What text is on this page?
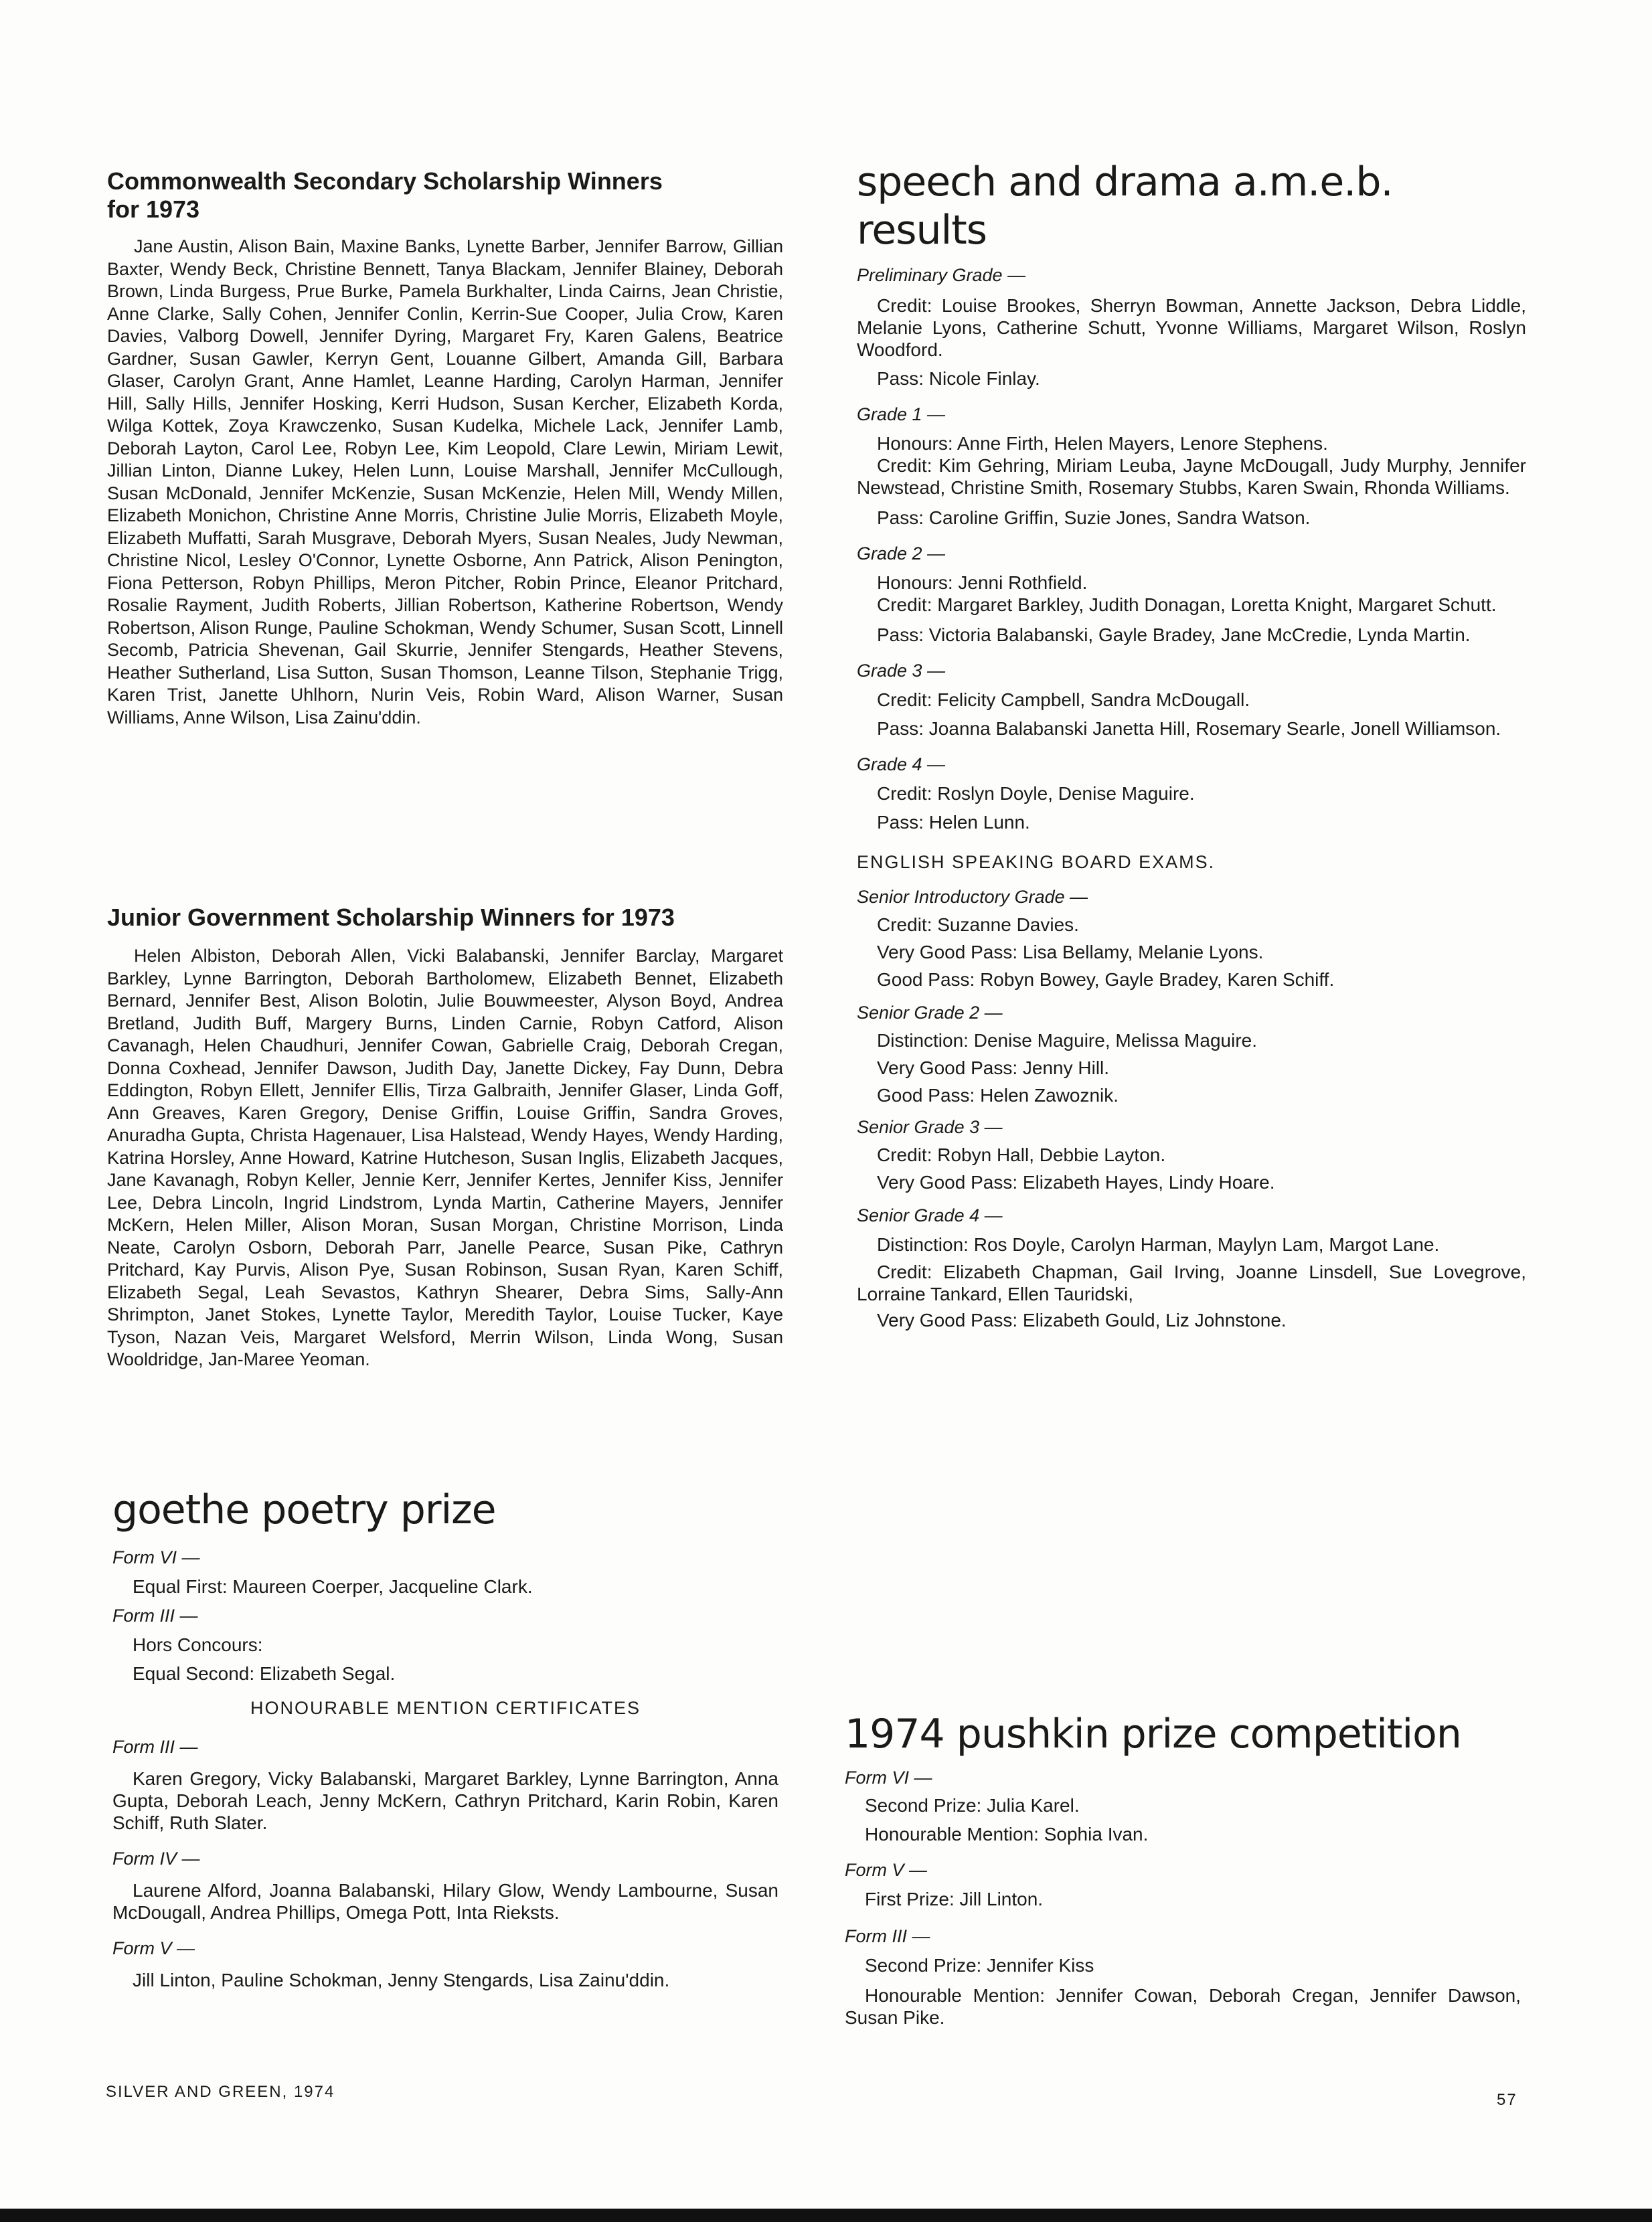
Commonwealth Secondary Scholarship Winners for 1973

Jane Austin, Alison Bain, Maxine Banks, Lynette Barber, Jennifer Barrow, Gillian Baxter, Wendy Beck, Christine Bennett, Tanya Blackam, Jennifer Blainey, Deborah Brown, Linda Burgess, Prue Burke, Pamela Burkhalter, Linda Cairns, Jean Christie, Anne Clarke, Sally Cohen, Jennifer Conlin, Kerrin-Sue Cooper, Julia Crow, Karen Davies, Valborg Dowell, Jennifer Dyring, Margaret Fry, Karen Galens, Beatrice Gardner, Susan Gawler, Kerryn Gent, Louanne Gilbert, Amanda Gill, Barbara Glaser, Carolyn Grant, Anne Hamlet, Leanne Harding, Carolyn Harman, Jennifer Hill, Sally Hills, Jennifer Hosking, Kerri Hudson, Susan Kercher, Elizabeth Korda, Wilga Kottek, Zoya Krawczenko, Susan Kudelka, Michele Lack, Jennifer Lamb, Deborah Layton, Carol Lee, Robyn Lee, Kim Leopold, Clare Lewin, Miriam Lewit, Jillian Linton, Dianne Lukey, Helen Lunn, Louise Marshall, Jennifer McCullough, Susan McDonald, Jennifer McKenzie, Susan McKenzie, Helen Mill, Wendy Millen, Elizabeth Monichon, Christine Anne Morris, Christine Julie Morris, Elizabeth Moyle, Elizabeth Muffatti, Sarah Musgrave, Deborah Myers, Susan Neales, Judy Newman, Christine Nicol, Lesley O'Connor, Lynette Osborne, Ann Patrick, Alison Penington, Fiona Petterson, Robyn Phillips, Meron Pitcher, Robin Prince, Eleanor Pritchard, Rosalie Rayment, Judith Roberts, Jillian Robertson, Katherine Robertson, Wendy Robertson, Alison Runge, Pauline Schokman, Wendy Schumer, Susan Scott, Linnell Secomb, Patricia Shevenan, Gail Skurrie, Jennifer Stengards, Heather Stevens, Heather Sutherland, Lisa Sutton, Susan Thomson, Leanne Tilson, Stephanie Trigg, Karen Trist, Janette Uhlhorn, Nurin Veis, Robin Ward, Alison Warner, Susan Williams, Anne Wilson, Lisa Zainu'ddin.

Junior Government Scholarship Winners for 1973

Helen Albiston, Deborah Allen, Vicki Balabanski, Jennifer Barclay, Margaret Barkley, Lynne Barrington, Deborah Bartholomew, Elizabeth Bennet, Elizabeth Bernard, Jennifer Best, Alison Bolotin, Julie Bouwmeester, Alyson Boyd, Andrea Bretland, Judith Buff, Margery Burns, Linden Carnie, Robyn Catford, Alison Cavanagh, Helen Chaudhuri, Jennifer Cowan, Gabrielle Craig, Deborah Cregan, Donna Coxhead, Jennifer Dawson, Judith Day, Janette Dickey, Fay Dunn, Debra Eddington, Robyn Ellett, Jennifer Ellis, Tirza Galbraith, Jennifer Glaser, Linda Goff, Ann Greaves, Karen Gregory, Denise Griffin, Louise Griffin, Sandra Groves, Anuradha Gupta, Christa Hagenauer, Lisa Halstead, Wendy Hayes, Wendy Harding, Katrina Horsley, Anne Howard, Katrine Hutcheson, Susan Inglis, Elizabeth Jacques, Jane Kavanagh, Robyn Keller, Jennie Kerr, Jennifer Kertes, Jennifer Kiss, Jennifer Lee, Debra Lincoln, Ingrid Lindstrom, Lynda Martin, Catherine Mayers, Jennifer McKern, Helen Miller, Alison Moran, Susan Morgan, Christine Morrison, Linda Neate, Carolyn Osborn, Deborah Parr, Janelle Pearce, Susan Pike, Cathryn Pritchard, Kay Purvis, Alison Pye, Susan Robinson, Susan Ryan, Karen Schiff, Elizabeth Segal, Leah Sevastos, Kathryn Shearer, Debra Sims, Sally-Ann Shrimpton, Janet Stokes, Lynette Taylor, Meredith Taylor, Louise Tucker, Kaye Tyson, Nazan Veis, Margaret Welsford, Merrin Wilson, Linda Wong, Susan Wooldridge, Jan-Maree Yeoman.

goethe poetry prize

Form VI —

Equal First: Maureen Coerper, Jacqueline Clark.

Form III —

Hors Concours:

Equal Second: Elizabeth Segal.

HONOURABLE MENTION CERTIFICATES

Form III —

Karen Gregory, Vicky Balabanski, Margaret Barkley, Lynne Barrington, Anna Gupta, Deborah Leach, Jenny McKern, Cathryn Pritchard, Karin Robin, Karen Schiff, Ruth Slater.

Form IV —

Laurene Alford, Joanna Balabanski, Hilary Glow, Wendy Lambourne, Susan McDougall, Andrea Phillips, Omega Pott, Inta Rieksts.

Form V —

Jill Linton, Pauline Schokman, Jenny Stengards, Lisa Zainu'ddin.

speech and drama a.m.e.b. results

Preliminary Grade —

Credit: Louise Brookes, Sherryn Bowman, Annette Jackson, Debra Liddle, Melanie Lyons, Catherine Schutt, Yvonne Williams, Margaret Wilson, Roslyn Woodford.

Pass: Nicole Finlay.

Grade 1 —

Honours: Anne Firth, Helen Mayers, Lenore Stephens.

Credit: Kim Gehring, Miriam Leuba, Jayne McDougall, Judy Murphy, Jennifer Newstead, Christine Smith, Rosemary Stubbs, Karen Swain, Rhonda Williams.

Pass: Caroline Griffin, Suzie Jones, Sandra Watson.

Grade 2 —

Honours: Jenni Rothfield.

Credit: Margaret Barkley, Judith Donagan, Loretta Knight, Margaret Schutt.

Pass: Victoria Balabanski, Gayle Bradey, Jane McCredie, Lynda Martin.

Grade 3 —

Credit: Felicity Campbell, Sandra McDougall.

Pass: Joanna Balabanski Janetta Hill, Rosemary Searle, Jonell Williamson.

Grade 4 —

Credit: Roslyn Doyle, Denise Maguire.

Pass: Helen Lunn.

ENGLISH SPEAKING BOARD EXAMS.

Senior Introductory Grade —

Credit: Suzanne Davies.

Very Good Pass: Lisa Bellamy, Melanie Lyons.

Good Pass: Robyn Bowey, Gayle Bradey, Karen Schiff.

Senior Grade 2 —

Distinction: Denise Maguire, Melissa Maguire.

Very Good Pass: Jenny Hill.

Good Pass: Helen Zawoznik.

Senior Grade 3 —

Credit: Robyn Hall, Debbie Layton.

Very Good Pass: Elizabeth Hayes, Lindy Hoare.

Senior Grade 4 —

Distinction: Ros Doyle, Carolyn Harman, Maylyn Lam, Margot Lane.

Credit: Elizabeth Chapman, Gail Irving, Joanne Linsdell, Sue Lovegrove, Lorraine Tankard, Ellen Tauridski,

Very Good Pass: Elizabeth Gould, Liz Johnstone.

1974 pushkin prize competition

Form VI —

Second Prize: Julia Karel.

Honourable Mention: Sophia Ivan.

Form V —

First Prize: Jill Linton.

Form III —

Second Prize: Jennifer Kiss

Honourable Mention: Jennifer Cowan, Deborah Cregan, Jennifer Dawson, Susan Pike.

SILVER AND GREEN, 1974	57
